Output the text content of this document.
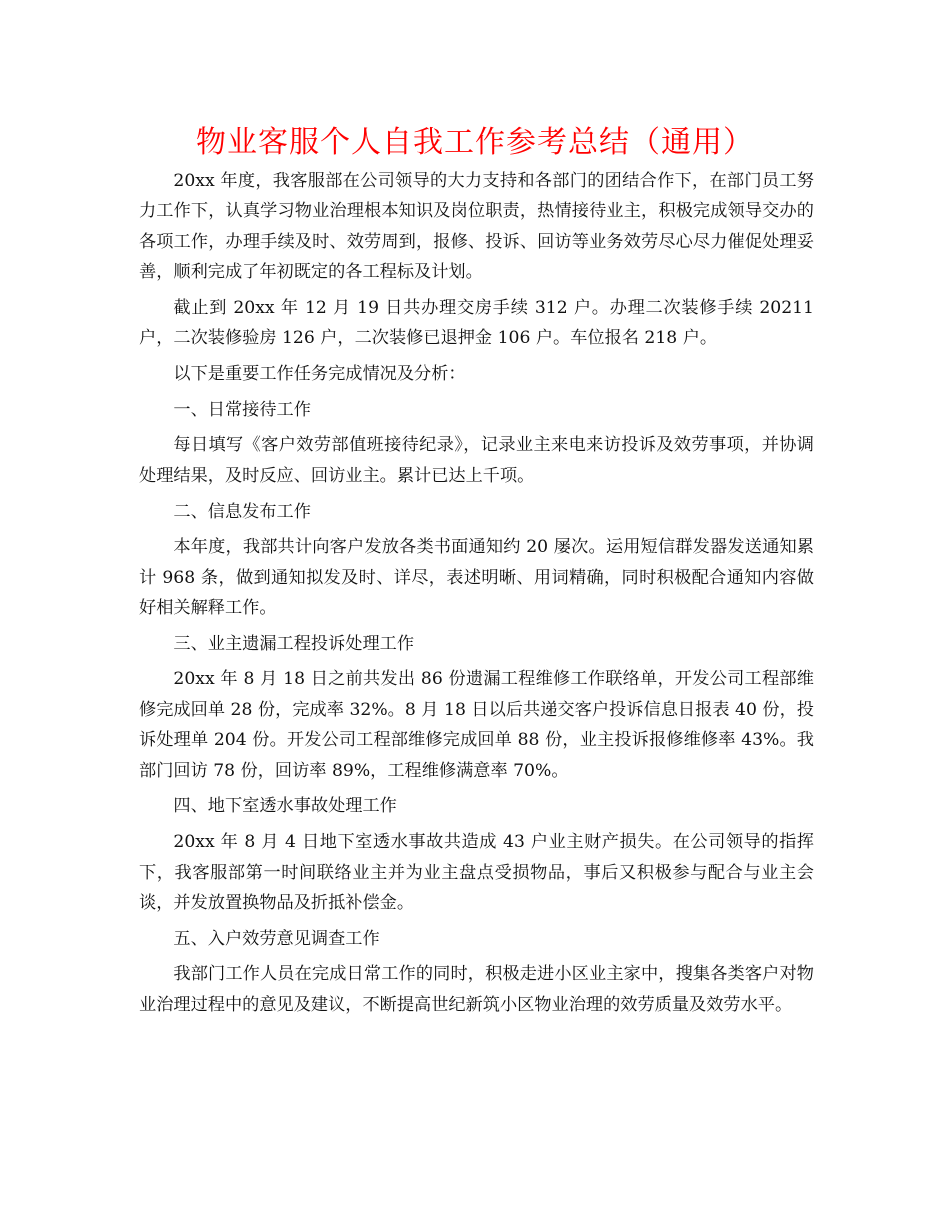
物业客服个人自我工作参考总结（通用）

20xx 年度，我客服部在公司领导的大力支持和各部门的团结合作下，在部门员工努力工作下，认真学习物业治理根本知识及岗位职责，热情接待业主，积极完成领导交办的各项工作，办理手续及时、效劳周到，报修、投诉、回访等业务效劳尽心尽力催促处理妥善，顺利完成了年初既定的各工程标及计划。

截止到 20xx 年 12 月 19 日共办理交房手续 312 户。办理二次装修手续 20211 户，二次装修验房 126 户，二次装修已退押金 106 户。车位报名 218 户。

以下是重要工作任务完成情况及分析：

一、日常接待工作

每日填写《客户效劳部值班接待纪录》，记录业主来电来访投诉及效劳事项，并协调处理结果，及时反应、回访业主。累计已达上千项。

二、信息发布工作

本年度，我部共计向客户发放各类书面通知约 20 屡次。运用短信群发器发送通知累计 968 条，做到通知拟发及时、详尽，表述明晰、用词精确，同时积极配合通知内容做好相关解释工作。

三、业主遗漏工程投诉处理工作

20xx 年 8 月 18 日之前共发出 86 份遗漏工程维修工作联络单，开发公司工程部维修完成回单 28 份，完成率 32%。8 月 18 日以后共递交客户投诉信息日报表 40 份，投诉处理单 204 份。开发公司工程部维修完成回单 88 份，业主投诉报修维修率 43%。我部门回访 78 份，回访率 89%，工程维修满意率 70%。

四、地下室透水事故处理工作

20xx 年 8 月 4 日地下室透水事故共造成 43 户业主财产损失。在公司领导的指挥下，我客服部第一时间联络业主并为业主盘点受损物品，事后又积极参与配合与业主会谈，并发放置换物品及折抵补偿金。

五、入户效劳意见调查工作

我部门工作人员在完成日常工作的同时，积极走进小区业主家中，搜集各类客户对物业治理过程中的意见及建议，不断提高世纪新筑小区物业治理的效劳质量及效劳水平。
